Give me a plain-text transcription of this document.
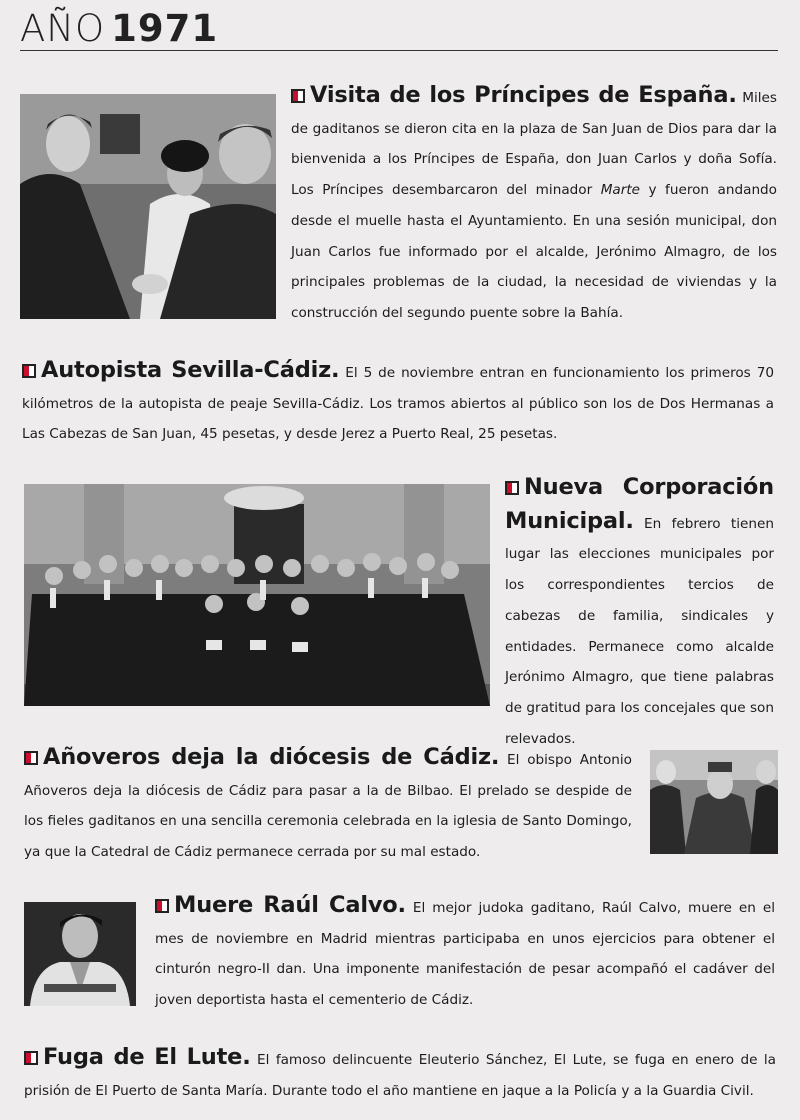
AÑO 1971
Visita de los Príncipes de España. Miles de gaditanos se dieron cita en la plaza de San Juan de Dios para dar la bienvenida a los Príncipes de España, don Juan Carlos y doña Sofía. Los Príncipes desembarcaron del minador Marte y fueron andando desde el muelle hasta el Ayuntamiento. En una sesión municipal, don Juan Carlos fue informado por el alcalde, Jerónimo Almagro, de los principales problemas de la ciudad, la necesidad de viviendas y la construcción del segundo puente sobre la Bahía.
Autopista Sevilla-Cádiz. El 5 de noviembre entran en funcionamiento los primeros 70 kilómetros de la autopista de peaje Sevilla-Cádiz. Los tramos abiertos al público son los de Dos Hermanas a Las Cabezas de San Juan, 45 pesetas, y desde Jerez a Puerto Real, 25 pesetas.
Nueva Corporación Municipal. En febrero tienen lugar las elecciones municipales por los correspondientes tercios de cabezas de familia, sindicales y entidades. Permanece como alcalde Jerónimo Almagro, que tiene palabras de gratitud para los concejales que son relevados.
Añoveros deja la diócesis de Cádiz. El obispo Antonio Añoveros deja la diócesis de Cádiz para pasar a la de Bilbao. El prelado se despide de los fieles gaditanos en una sencilla ceremonia celebrada en la iglesia de Santo Domingo, ya que la Catedral de Cádiz permanece cerrada por su mal estado.
Muere Raúl Calvo. El mejor judoka gaditano, Raúl Calvo, muere en el mes de noviembre en Madrid mientras participaba en unos ejercicios para obtener el cinturón negro-II dan. Una imponente manifestación de pesar acompañó el cadáver del joven deportista hasta el cementerio de Cádiz.
Fuga de El Lute. El famoso delincuente Eleuterio Sánchez, El Lute, se fuga en enero de la prisión de El Puerto de Santa María. Durante todo el año mantiene en jaque a la Policía y a la Guardia Civil.
